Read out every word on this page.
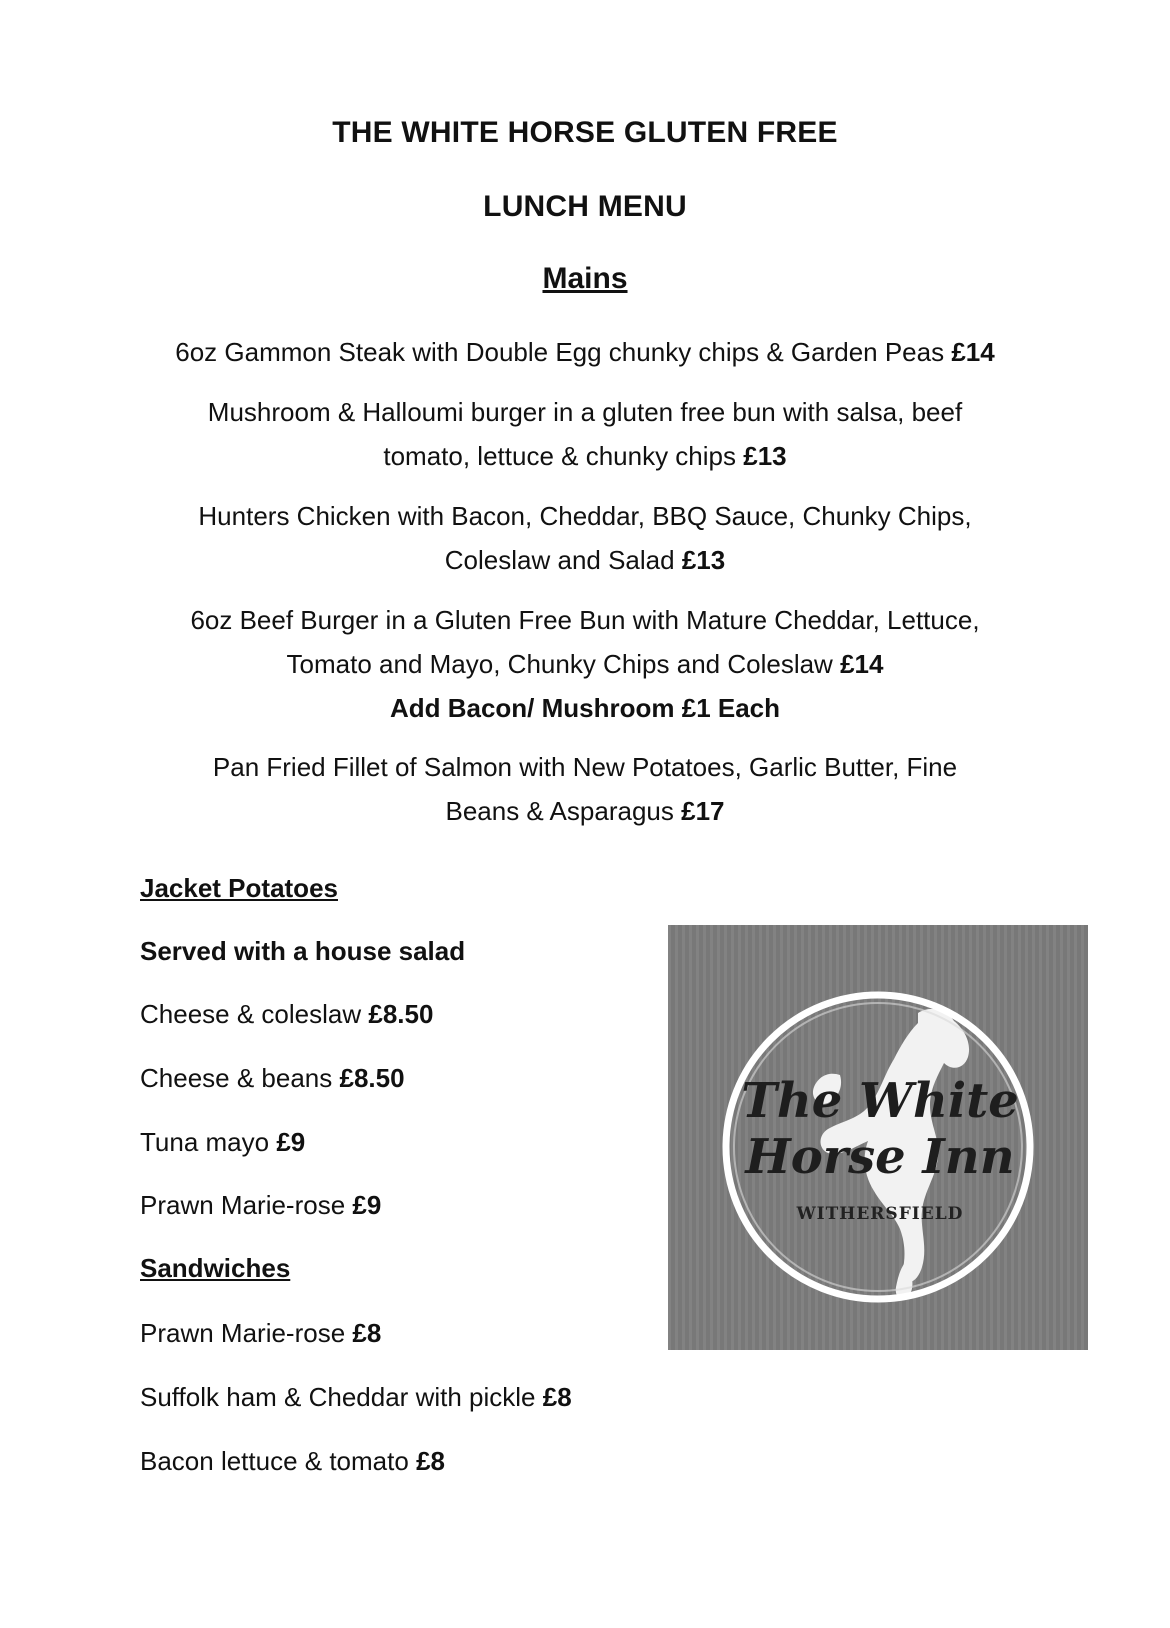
THE WHITE HORSE GLUTEN FREE
LUNCH MENU
Mains
6oz Gammon Steak with Double Egg chunky chips & Garden Peas £14
Mushroom & Halloumi burger in a gluten free bun with salsa, beef
tomato, lettuce & chunky chips £13
Hunters Chicken with Bacon, Cheddar, BBQ Sauce, Chunky Chips,
Coleslaw and Salad £13
6oz Beef Burger in a Gluten Free Bun with Mature Cheddar, Lettuce,
Tomato and Mayo, Chunky Chips and Coleslaw £14
Add Bacon/ Mushroom £1 Each
Pan Fried Fillet of Salmon with New Potatoes, Garlic Butter, Fine
Beans & Asparagus £17
Jacket Potatoes
Served with a house salad
Cheese & coleslaw £8.50
Cheese & beans £8.50
Tuna mayo £9
Prawn Marie-rose £9
Sandwiches
Prawn Marie-rose £8
Suffolk ham & Cheddar with pickle £8
Bacon lettuce & tomato £8
The White
Horse Inn
WITHERSFIELD
